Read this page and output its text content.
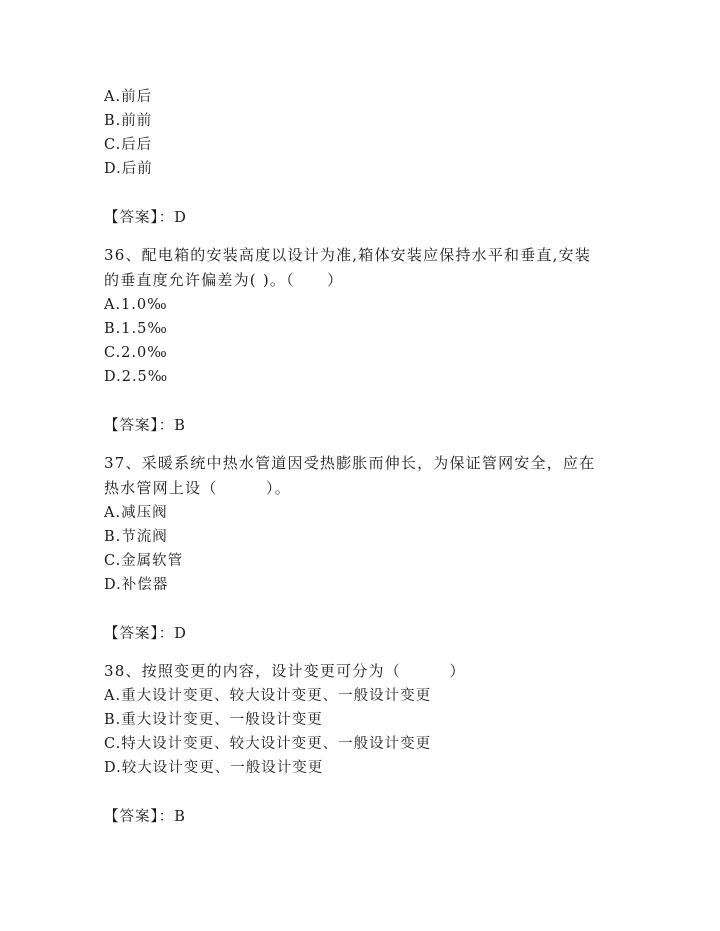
A.前后
B.前前
C.后后
D.后前
【答案】：D
36、配电箱的安装高度以设计为准,箱体安装应保持水平和垂直,安装
的垂直度允许偏差为( )。（　　）
A.1.0‰
B.1.5‰
C.2.0‰
D.2.5‰
【答案】：B
37、采暖系统中热水管道因受热膨胀而伸长，为保证管网安全，应在
热水管网上设（　　　）。
A.减压阀
B.节流阀
C.金属软管
D.补偿器
【答案】：D
38、按照变更的内容，设计变更可分为（　　　）
A.重大设计变更、较大设计变更、一般设计变更
B.重大设计变更、一般设计变更
C.特大设计变更、较大设计变更、一般设计变更
D.较大设计变更、一般设计变更
【答案】：B
